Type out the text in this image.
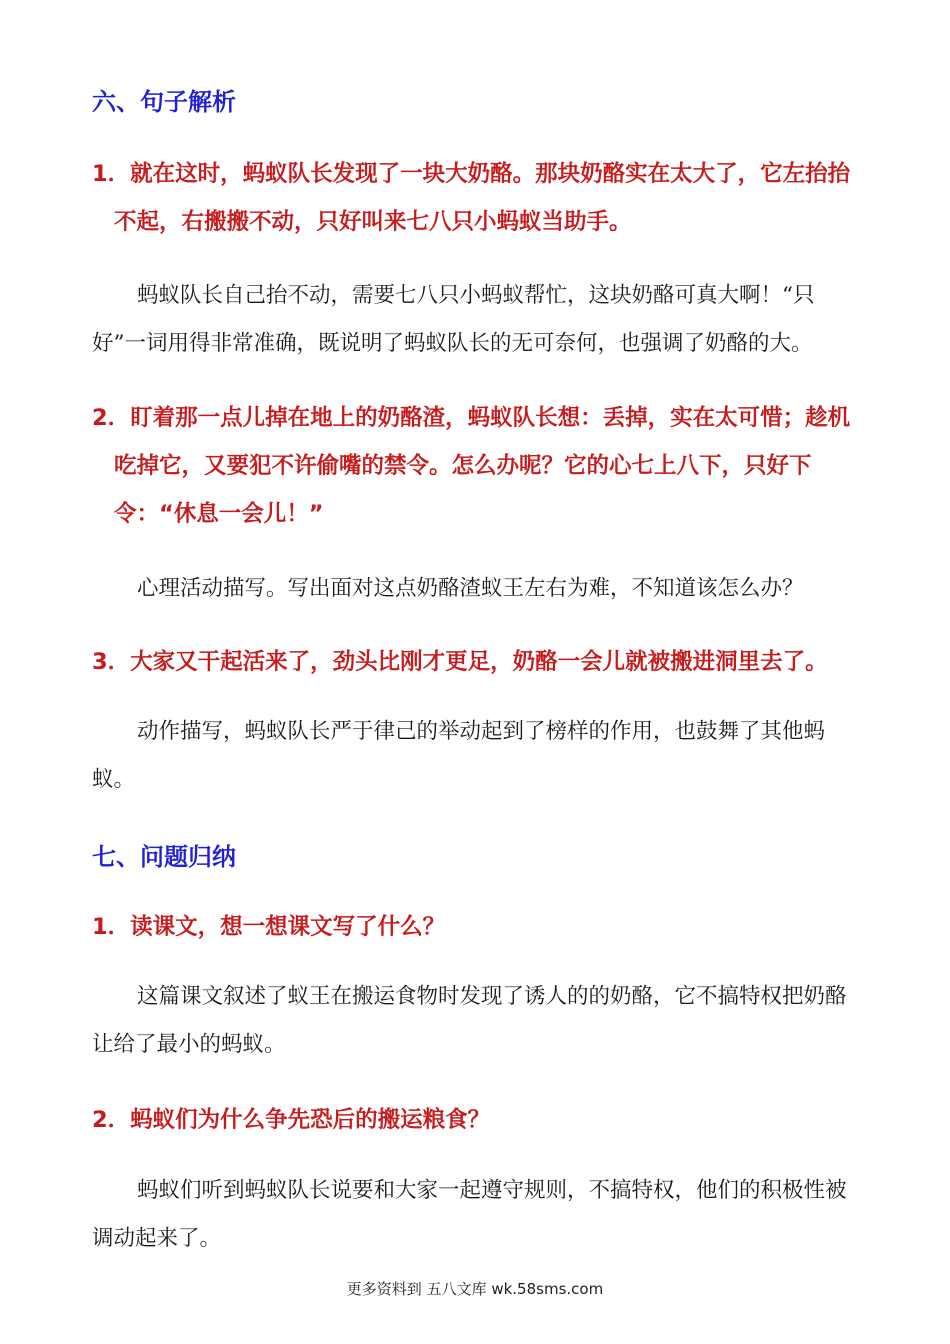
六、句子解析
1．就在这时，蚂蚁队长发现了一块大奶酪。那块奶酪实在太大了，它左抬抬不起，右搬搬不动，只好叫来七八只小蚂蚁当助手。
蚂蚁队长自己抬不动，需要七八只小蚂蚁帮忙，这块奶酪可真大啊！“只好”一词用得非常准确，既说明了蚂蚁队长的无可奈何，也强调了奶酪的大。
2．盯着那一点儿掉在地上的奶酪渣，蚂蚁队长想：丢掉，实在太可惜；趁机吃掉它，又要犯不许偷嘴的禁令。怎么办呢？它的心七上八下，只好下令：“休息一会儿！”
心理活动描写。写出面对这点奶酪渣蚁王左右为难，不知道该怎么办？
3．大家又干起活来了，劲头比刚才更足，奶酪一会儿就被搬进洞里去了。
动作描写，蚂蚁队长严于律己的举动起到了榜样的作用，也鼓舞了其他蚂蚁。
七、问题归纳
1．读课文，想一想课文写了什么？
这篇课文叙述了蚁王在搬运食物时发现了诱人的的奶酪，它不搞特权把奶酪让给了最小的蚂蚁。
2．蚂蚁们为什么争先恐后的搬运粮食？
蚂蚁们听到蚂蚁队长说要和大家一起遵守规则，不搞特权，他们的积极性被调动起来了。
更多资料到 五八文库 wk.58sms.com
